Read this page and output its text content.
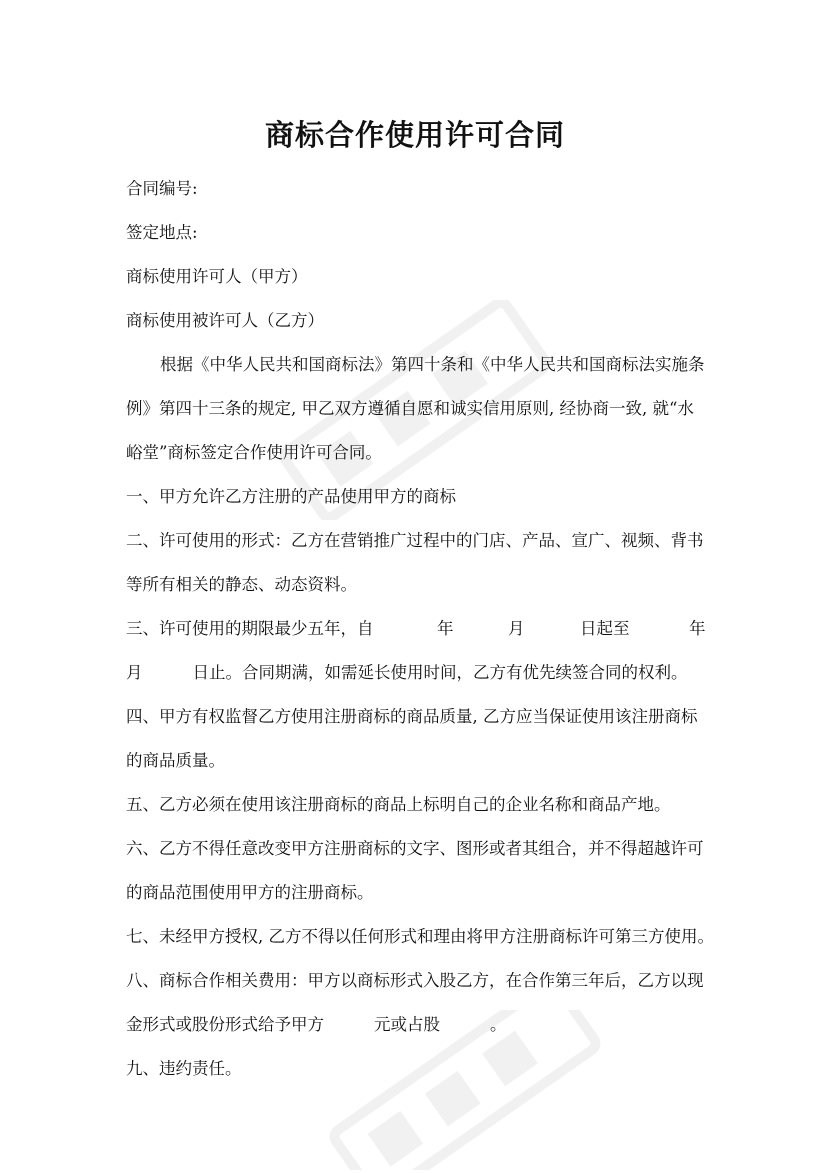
商标合作使用许可合同
合同编号:
签定地点:
商标使用许可人（甲方）
商标使用被许可人（乙方）
根据《中华人民共和国商标法》第四十条和《中华人民共和国商标法实施条
例》第四十三条的规定, 甲乙双方遵循自愿和诚实信用原则, 经协商一致, 就“水
峪堂”商标签定合作使用许可合同。
一、甲方允许乙方注册的产品使用甲方的商标
二、许可使用的形式：乙方在营销推广过程中的门店、产品、宣广、视频、背书
等所有相关的静态、动态资料。
三、许可使用的期限最少五年，自	年	月	日起至	年
月	日止。合同期满，如需延长使用时间，乙方有优先续签合同的权利。
四、甲方有权监督乙方使用注册商标的商品质量, 乙方应当保证使用该注册商标
的商品质量。
五、乙方必须在使用该注册商标的商品上标明自己的企业名称和商品产地。
六、乙方不得任意改变甲方注册商标的文字、图形或者其组合，并不得超越许可
的商品范围使用甲方的注册商标。
七、未经甲方授权, 乙方不得以任何形式和理由将甲方注册商标许可第三方使用。
八、商标合作相关费用：甲方以商标形式入股乙方，在合作第三年后，乙方以现
金形式或股份形式给予甲方	元或占股	。
九、违约责任。
